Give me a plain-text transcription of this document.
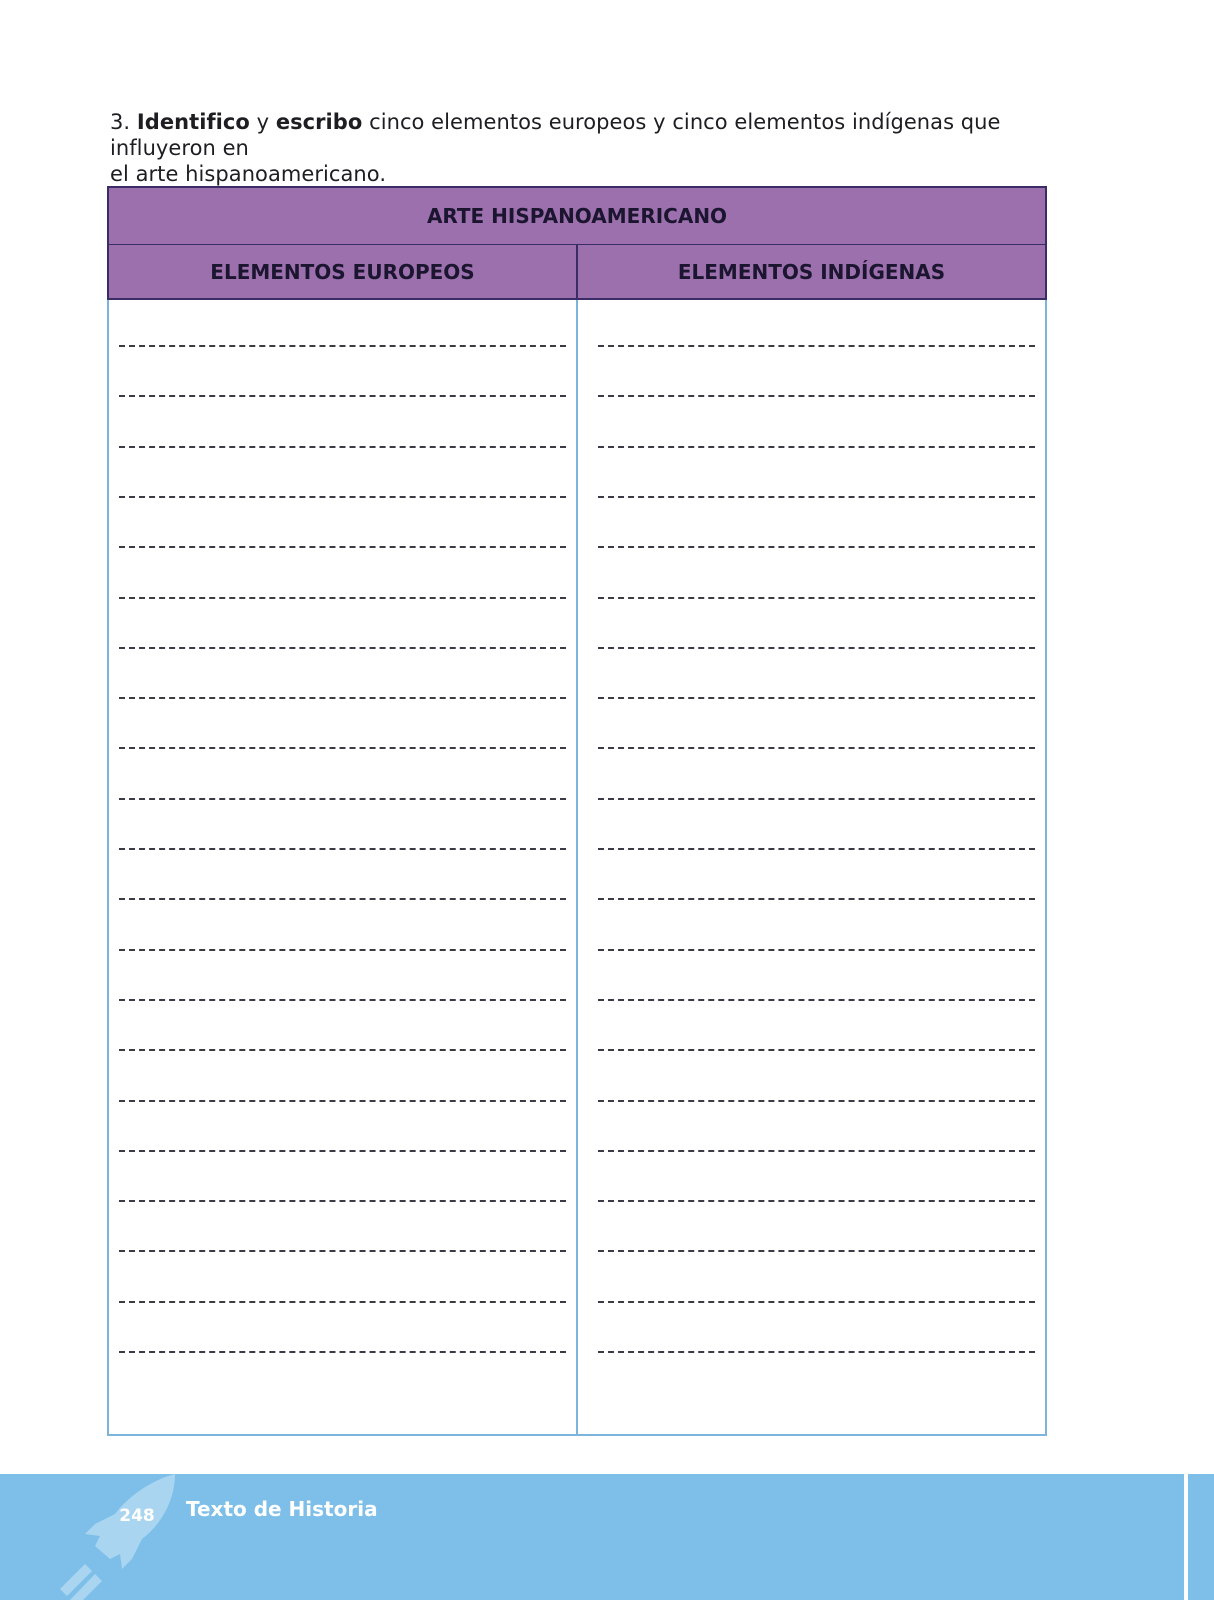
3. Identifico y escribo cinco elementos europeos y cinco elementos indígenas que influyeron en
el arte hispanoamericano.
ARTE HISPANOAMERICANO
ELEMENTOS EUROPEOS	ELEMENTOS INDÍGENAS
248 Texto de Historia
